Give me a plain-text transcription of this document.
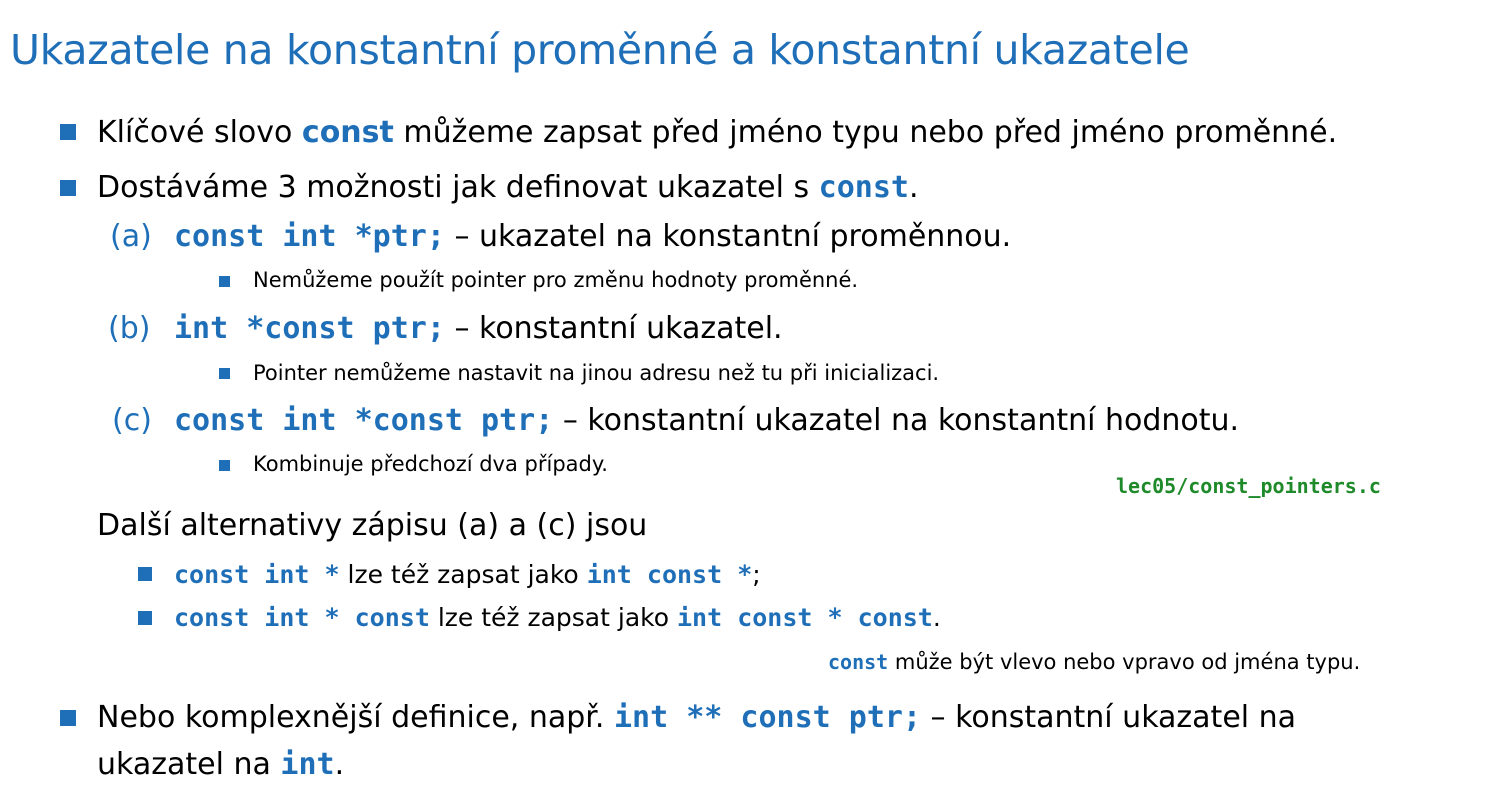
Ukazatele na konstantní proměnné a konstantní ukazatele
Klíčové slovo const můžeme zapsat před jméno typu nebo před jméno proměnné.
Dostáváme 3 možnosti jak definovat ukazatel s const.
(a) const int *ptr; – ukazatel na konstantní proměnnou.
Nemůžeme použít pointer pro změnu hodnoty proměnné.
(b) int *const ptr; – konstantní ukazatel.
Pointer nemůžeme nastavit na jinou adresu než tu při inicializaci.
(c) const int *const ptr; – konstantní ukazatel na konstantní hodnotu.
Kombinuje předchozí dva případy.
lec05/const_pointers.c
Další alternativy zápisu (a) a (c) jsou
const int * lze též zapsat jako int const *;
const int * const lze též zapsat jako int const * const.
const může být vlevo nebo vpravo od jména typu.
Nebo komplexnější definice, např. int ** const ptr; – konstantní ukazatel na
ukazatel na int.
